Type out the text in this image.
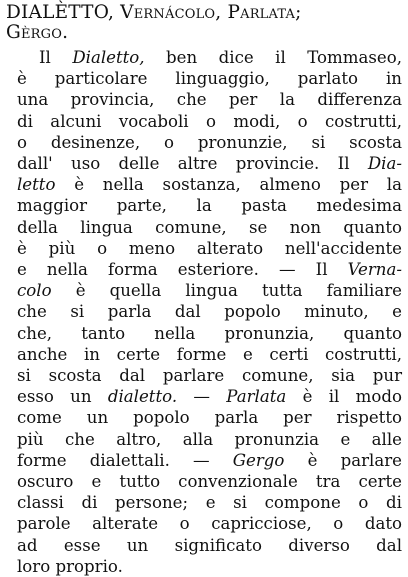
DIALÈTTO, Vernácolo, Parlata;
Gèrgo.
Il Dialetto, ben dice il Tommaseo,
è particolare linguaggio, parlato in
una provincia, che per la differenza
di alcuni vocaboli o modi, o costrutti,
o desinenze, o pronunzie, si scosta
dall' uso delle altre provincie. Il Dia-
letto è nella sostanza, almeno per la
maggior parte, la pasta medesima
della lingua comune, se non quanto
è più o meno alterato nell'accidente
e nella forma esteriore. — Il Verna-
colo è quella lingua tutta familiare
che si parla dal popolo minuto, e
che, tanto nella pronunzia, quanto
anche in certe forme e certi costrutti,
si scosta dal parlare comune, sia pur
esso un dialetto. — Parlata è il modo
come un popolo parla per rispetto
più che altro, alla pronunzia e alle
forme dialettali. — Gergo è parlare
oscuro e tutto convenzionale tra certe
classi di persone; e si compone o di
parole alterate o capricciose, o dato
ad esse un significato diverso dal
loro proprio.
